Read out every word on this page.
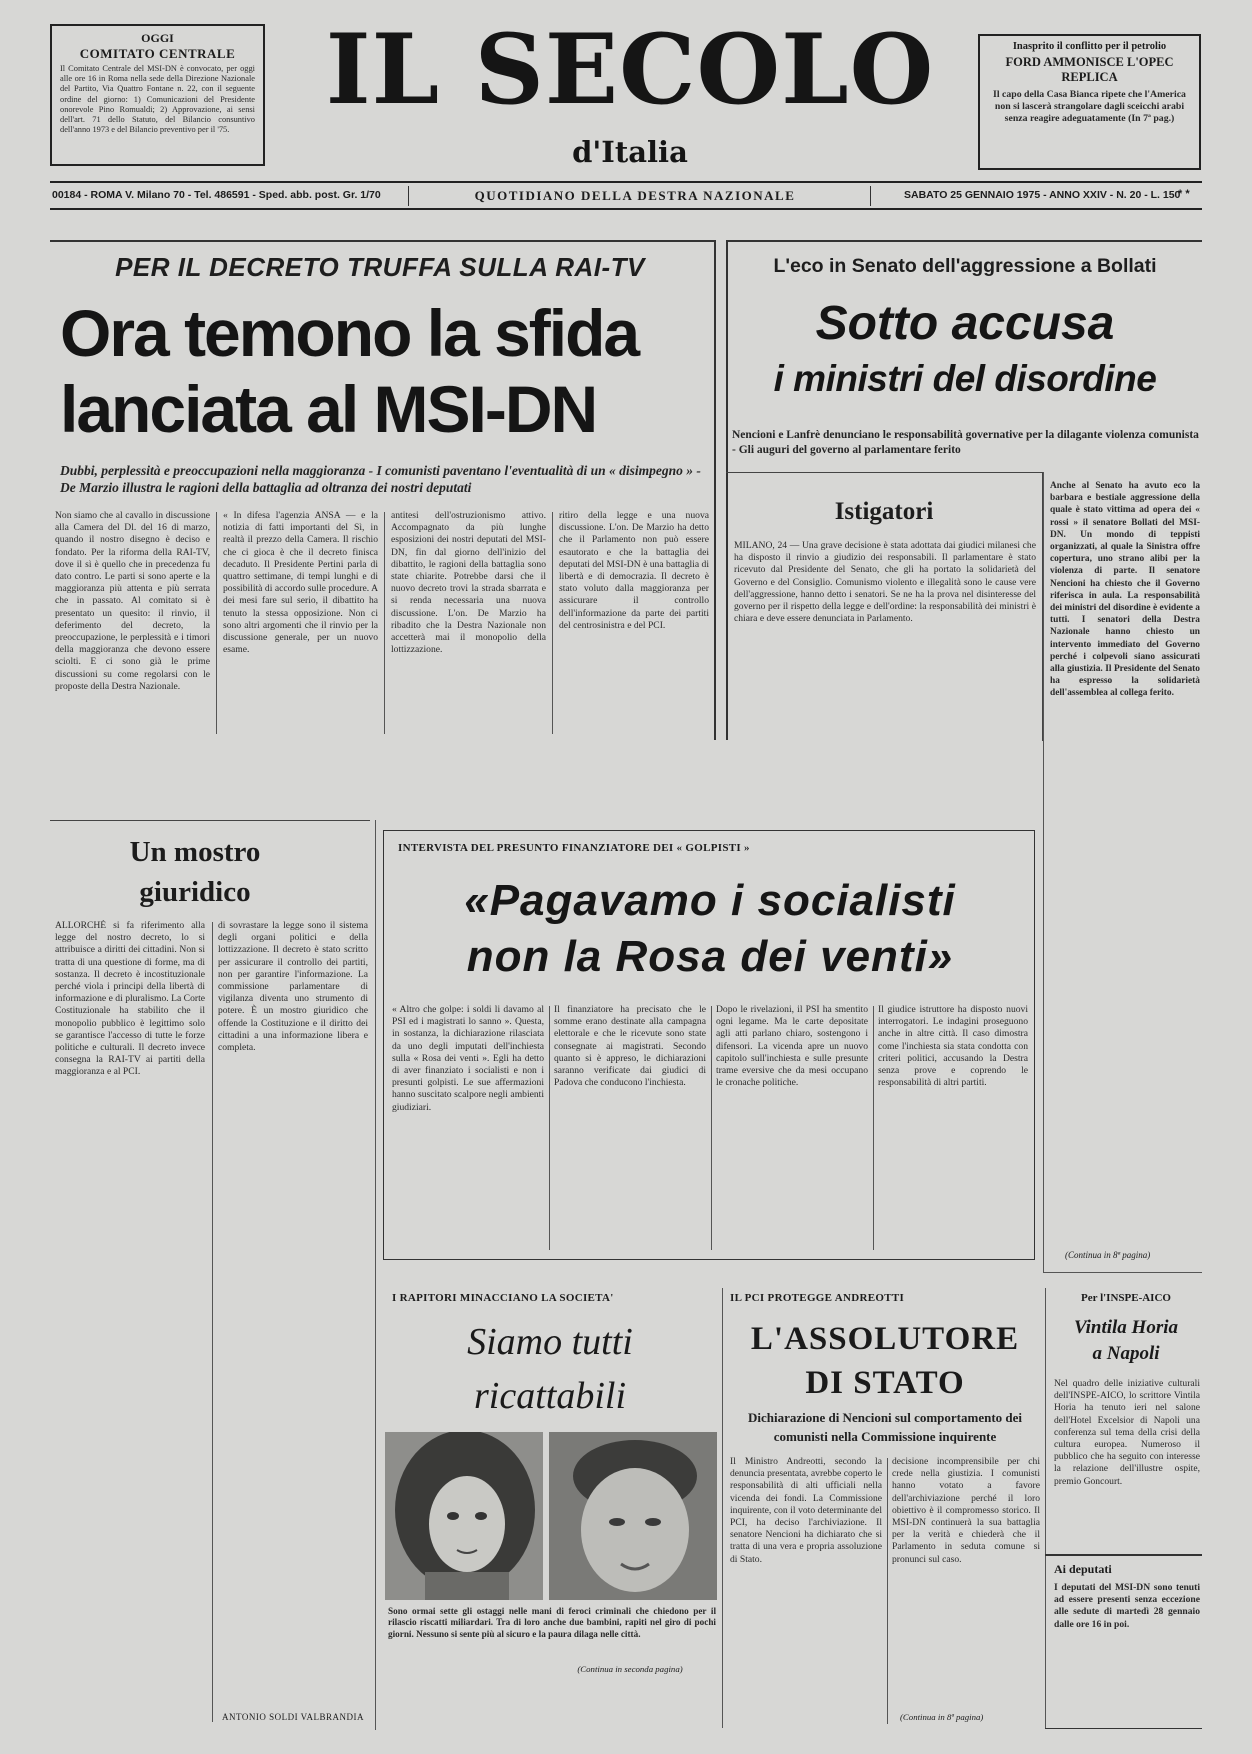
OGGI
COMITATO CENTRALE
Il Comitato Centrale del MSI-DN è convocato, per oggi alle ore 16 in Roma nella sede della Direzione Nazionale del Partito, Via Quattro Fontane n. 22, con il seguente ordine del giorno: 1) Comunicazioni del Presidente onorevole Pino Romualdi; 2) Approvazione, ai sensi dell'art. 71 dello Statuto, del Bilancio consuntivo dell'anno 1973 e del Bilancio preventivo per il '75.
IL SECOLO
d'Italia
Inasprito il conflitto per il petrolio
FORD AMMONISCE L'OPEC REPLICA
Il capo della Casa Bianca ripete che l'America non si lascerà strangolare dagli sceicchi arabi senza reagire adeguatamente (In 7ª pag.)
00184 - ROMA V. Milano 70 - Tel. 486591 - Sped. abb. post. Gr. 1/70	QUOTIDIANO DELLA DESTRA NAZIONALE	SABATO 25 GENNAIO 1975 - ANNO XXIV - N. 20 - L. 150
* *
PER IL DECRETO TRUFFA SULLA RAI-TV
Ora temono la sfida
lanciata al MSI-DN
Dubbi, perplessità e preoccupazioni nella maggioranza - I comunisti paventano l'eventualità di un « disimpegno » - De Marzio illustra le ragioni della battaglia ad oltranza dei nostri deputati
Non siamo che al cavallo in discussione alla Camera del Dl. del 16 di marzo, quando il nostro disegno è deciso e fondato. Per la riforma della RAI-TV, dove il sì è quello che in precedenza fu dato contro. Le parti si sono aperte e la maggioranza più attenta e più serrata che in passato. Al comitato si è presentato un quesito: il rinvio, il deferimento del decreto, la preoccupazione, le perplessità e i timori della maggioranza che devono essere sciolti. E ci sono già le prime discussioni su come regolarsi con le proposte della Destra Nazionale.
« In difesa l'agenzia ANSA — e la notizia di fatti importanti del Sì, in realtà il prezzo della Camera. Il rischio che ci gioca è che il decreto finisca decaduto. Il Presidente Pertini parla di quattro settimane, di tempi lunghi e di possibilità di accordo sulle procedure. A dei mesi fare sul serio, il dibattito ha tenuto la stessa opposizione. Non ci sono altri argomenti che il rinvio per la discussione generale, per un nuovo esame.
antitesi dell'ostruzionismo attivo. Accompagnato da più lunghe esposizioni dei nostri deputati del MSI-DN, fin dal giorno dell'inizio del dibattito, le ragioni della battaglia sono state chiarite. Potrebbe darsi che il nuovo decreto trovi la strada sbarrata e si renda necessaria una nuova discussione. L'on. De Marzio ha ribadito che la Destra Nazionale non accetterà mai il monopolio della lottizzazione.
ritiro della legge e una nuova discussione. L'on. De Marzio ha detto che il Parlamento non può essere esautorato e che la battaglia dei deputati del MSI-DN è una battaglia di libertà e di democrazia. Il decreto è stato voluto dalla maggioranza per assicurare il controllo dell'informazione da parte dei partiti del centrosinistra e del PCI.
L'eco in Senato dell'aggressione a Bollati
Sotto accusa
i ministri del disordine
Nencioni e Lanfrè denunciano le responsabilità governative per la dilagante violenza comunista - Gli auguri del governo al parlamentare ferito
Istigatori
MILANO, 24 — Una grave decisione è stata adottata dai giudici milanesi che ha disposto il rinvio a giudizio dei responsabili. Il parlamentare è stato ricevuto dal Presidente del Senato, che gli ha portato la solidarietà del Governo e del Consiglio. Comunismo violento e illegalità sono le cause vere dell'aggressione, hanno detto i senatori. Se ne ha la prova nel disinteresse del governo per il rispetto della legge e dell'ordine: la responsabilità dei ministri è chiara e deve essere denunciata in Parlamento.
Anche al Senato ha avuto eco la barbara e bestiale aggressione della quale è stato vittima ad opera dei « rossi » il senatore Bollati del MSI-DN. Un mondo di teppisti organizzati, al quale la Sinistra offre copertura, uno strano alibi per la violenza di parte. Il senatore Nencioni ha chiesto che il Governo riferisca in aula. La responsabilità dei ministri del disordine è evidente a tutti. I senatori della Destra Nazionale hanno chiesto un intervento immediato del Governo perché i colpevoli siano assicurati alla giustizia. Il Presidente del Senato ha espresso la solidarietà dell'assemblea al collega ferito.
(Continua in 8ª pagina)
Un mostro giuridico
ALLORCHÉ si fa riferimento alla legge del nostro decreto, lo si attribuisce a diritti dei cittadini. Non si tratta di una questione di forme, ma di sostanza. Il decreto è incostituzionale perché viola i principi della libertà di informazione e di pluralismo. La Corte Costituzionale ha stabilito che il monopolio pubblico è legittimo solo se garantisce l'accesso di tutte le forze politiche e culturali. Il decreto invece consegna la RAI-TV ai partiti della maggioranza e al PCI.
di sovrastare la legge sono il sistema degli organi politici e della lottizzazione. Il decreto è stato scritto per assicurare il controllo dei partiti, non per garantire l'informazione. La commissione parlamentare di vigilanza diventa uno strumento di potere. È un mostro giuridico che offende la Costituzione e il diritto dei cittadini a una informazione libera e completa.
ANTONIO SOLDI VALBRANDIA
INTERVISTA DEL PRESUNTO FINANZIATORE DEI « GOLPISTI »
«Pagavamo i socialisti
non la Rosa dei venti»
« Altro che golpe: i soldi li davamo al PSI ed i magistrati lo sanno ». Questa, in sostanza, la dichiarazione rilasciata da uno degli imputati dell'inchiesta sulla « Rosa dei venti ». Egli ha detto di aver finanziato i socialisti e non i presunti golpisti. Le sue affermazioni hanno suscitato scalpore negli ambienti giudiziari.
Il finanziatore ha precisato che le somme erano destinate alla campagna elettorale e che le ricevute sono state consegnate ai magistrati. Secondo quanto si è appreso, le dichiarazioni saranno verificate dai giudici di Padova che conducono l'inchiesta.
Dopo le rivelazioni, il PSI ha smentito ogni legame. Ma le carte depositate agli atti parlano chiaro, sostengono i difensori. La vicenda apre un nuovo capitolo sull'inchiesta e sulle presunte trame eversive che da mesi occupano le cronache politiche.
Il giudice istruttore ha disposto nuovi interrogatori. Le indagini proseguono anche in altre città. Il caso dimostra come l'inchiesta sia stata condotta con criteri politici, accusando la Destra senza prove e coprendo le responsabilità di altri partiti.
I RAPITORI MINACCIANO LA SOCIETA'
Siamo tutti
ricattabili
Sono ormai sette gli ostaggi nelle mani di feroci criminali che chiedono per il rilascio riscatti miliardari. Tra di loro anche due bambini, rapiti nel giro di pochi giorni. Nessuno si sente più al sicuro e la paura dilaga nelle città.
(Continua in seconda pagina)
IL PCI PROTEGGE ANDREOTTI
L'ASSOLUTORE
DI STATO
Dichiarazione di Nencioni sul comportamento dei comunisti nella Commissione inquirente
Il Ministro Andreotti, secondo la denuncia presentata, avrebbe coperto le responsabilità di alti ufficiali nella vicenda dei fondi. La Commissione inquirente, con il voto determinante del PCI, ha deciso l'archiviazione. Il senatore Nencioni ha dichiarato che si tratta di una vera e propria assoluzione di Stato.
decisione incomprensibile per chi crede nella giustizia. I comunisti hanno votato a favore dell'archiviazione perché il loro obiettivo è il compromesso storico. Il MSI-DN continuerà la sua battaglia per la verità e chiederà che il Parlamento in seduta comune si pronunci sul caso.
(Continua in 8ª pagina)
Per l'INSPE-AICO
Vintila Horia
a Napoli
Nel quadro delle iniziative culturali dell'INSPE-AICO, lo scrittore Vintila Horia ha tenuto ieri nel salone dell'Hotel Excelsior di Napoli una conferenza sul tema della crisi della cultura europea. Numeroso il pubblico che ha seguito con interesse la relazione dell'illustre ospite, premio Goncourt.
Ai deputati
I deputati del MSI-DN sono tenuti ad essere presenti senza eccezione alle sedute di martedì 28 gennaio dalle ore 16 in poi.
